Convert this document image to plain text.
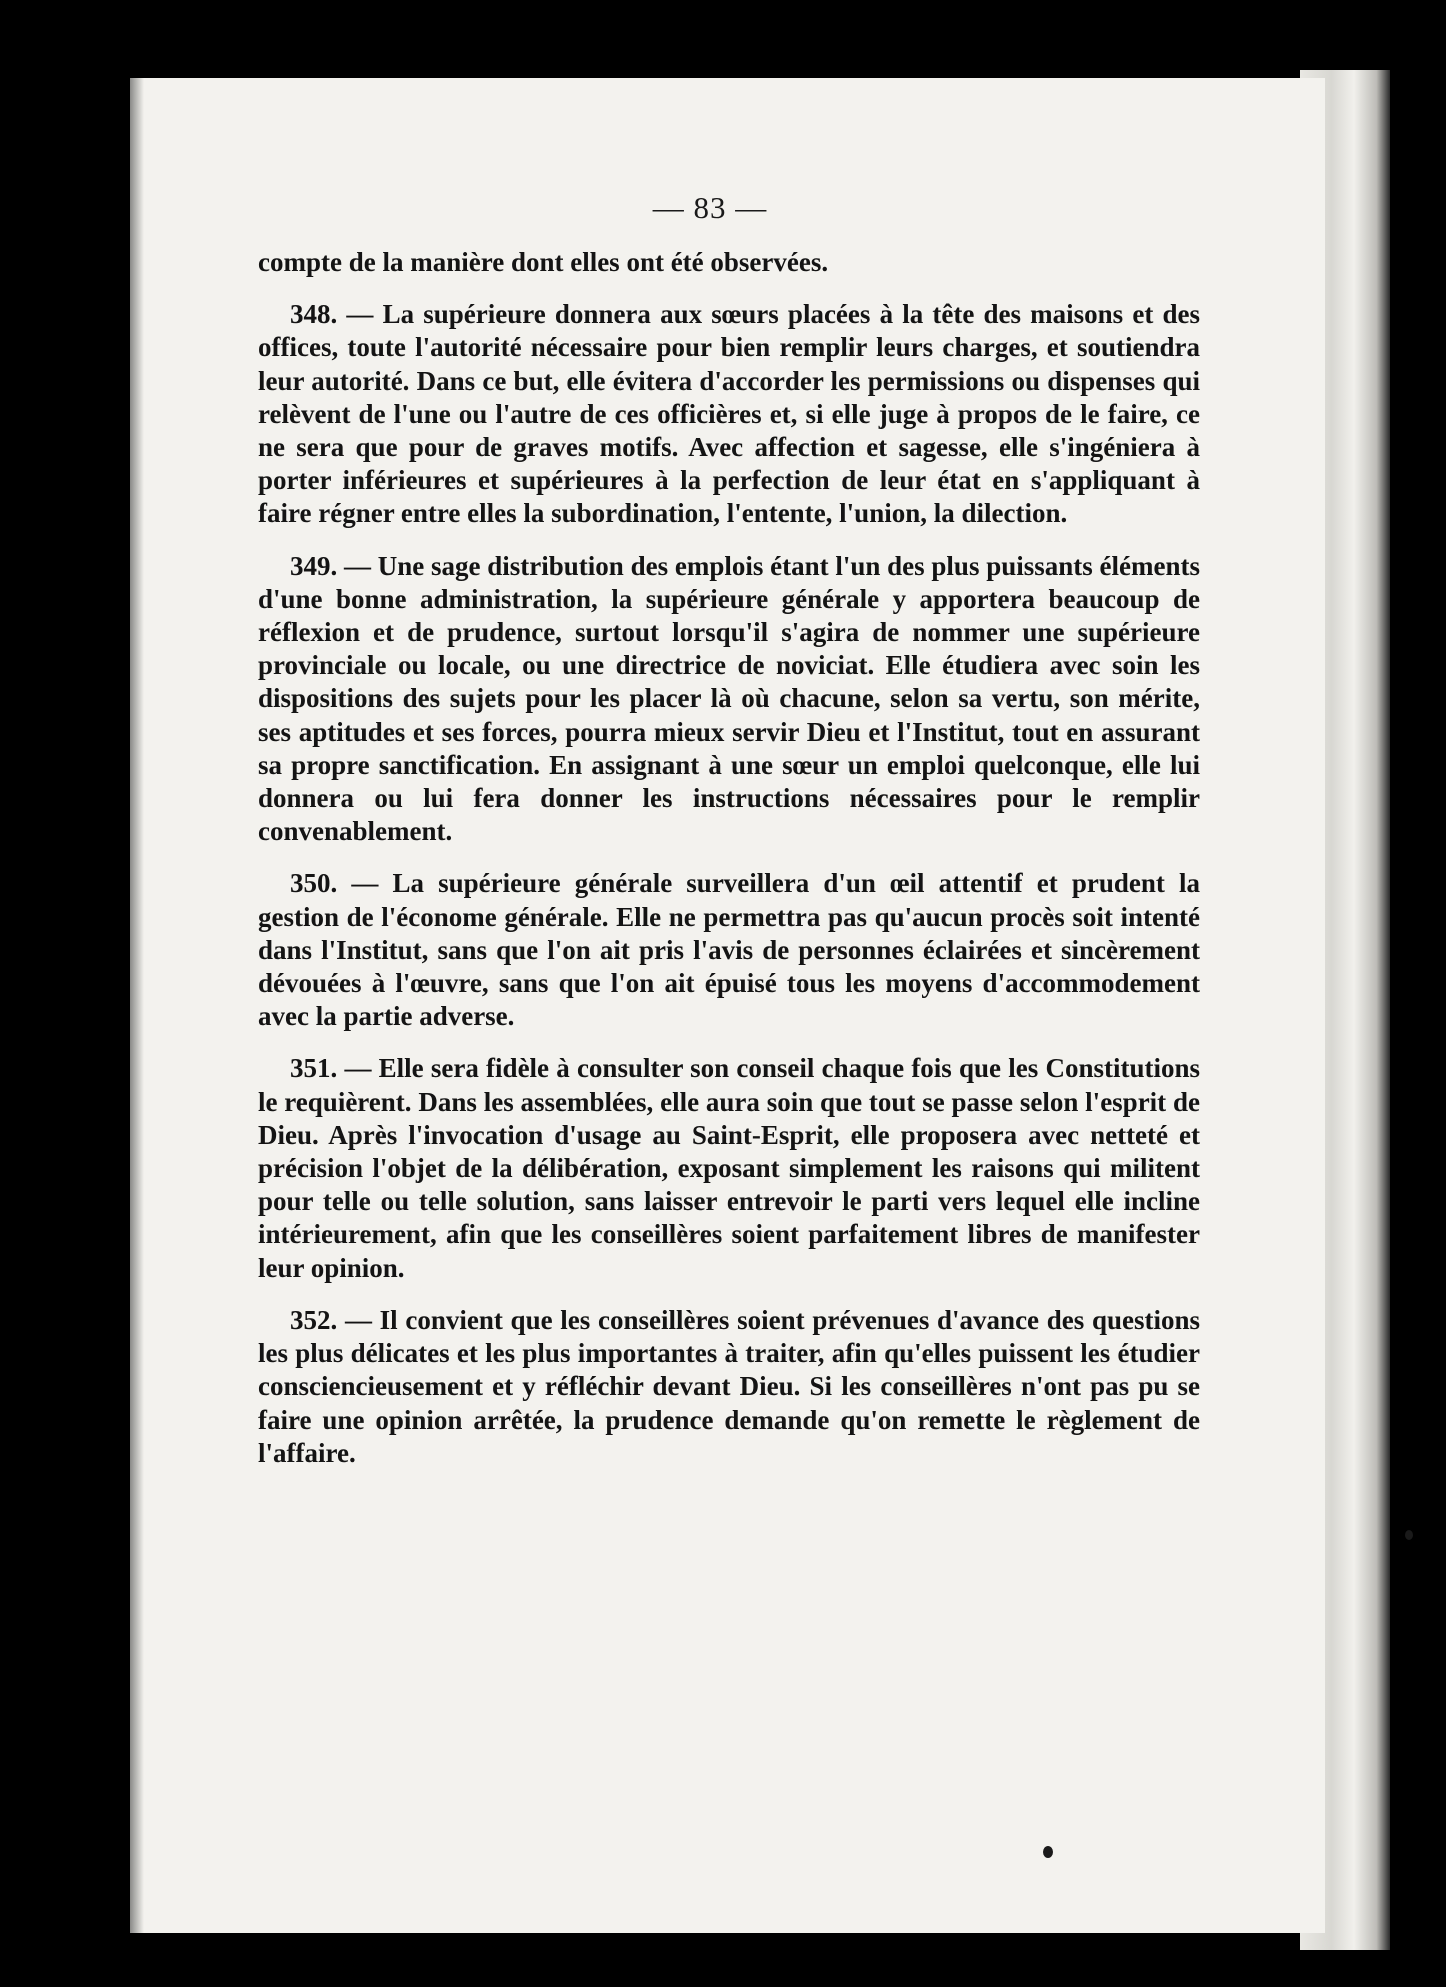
— 83 —

compte de la manière dont elles ont été observées.

348. — La supérieure donnera aux sœurs placées à la tête des maisons et des offices, toute l'autorité nécessaire pour bien remplir leurs charges, et soutiendra leur autorité. Dans ce but, elle évitera d'accorder les permissions ou dispenses qui relèvent de l'une ou l'autre de ces officières et, si elle juge à propos de le faire, ce ne sera que pour de graves motifs. Avec affection et sagesse, elle s'ingéniera à porter inférieures et supérieures à la perfection de leur état en s'appliquant à faire régner entre elles la subordination, l'entente, l'union, la dilection.

349. — Une sage distribution des emplois étant l'un des plus puissants éléments d'une bonne administration, la supérieure générale y apportera beaucoup de réflexion et de prudence, surtout lorsqu'il s'agira de nommer une supérieure provinciale ou locale, ou une directrice de noviciat. Elle étudiera avec soin les dispositions des sujets pour les placer là où chacune, selon sa vertu, son mérite, ses aptitudes et ses forces, pourra mieux servir Dieu et l'Institut, tout en assurant sa propre sanctification. En assignant à une sœur un emploi quelconque, elle lui donnera ou lui fera donner les instructions nécessaires pour le remplir convenablement.

350. — La supérieure générale surveillera d'un œil attentif et prudent la gestion de l'économe générale. Elle ne permettra pas qu'aucun procès soit intenté dans l'Institut, sans que l'on ait pris l'avis de personnes éclairées et sincèrement dévouées à l'œuvre, sans que l'on ait épuisé tous les moyens d'accommodement avec la partie adverse.

351. — Elle sera fidèle à consulter son conseil chaque fois que les Constitutions le requièrent. Dans les assemblées, elle aura soin que tout se passe selon l'esprit de Dieu. Après l'invocation d'usage au Saint-Esprit, elle proposera avec netteté et précision l'objet de la délibération, exposant simplement les raisons qui militent pour telle ou telle solution, sans laisser entrevoir le parti vers lequel elle incline intérieurement, afin que les conseillères soient parfaitement libres de manifester leur opinion.

352. — Il convient que les conseillères soient prévenues d'avance des questions les plus délicates et les plus importantes à traiter, afin qu'elles puissent les étudier consciencieusement et y réfléchir devant Dieu. Si les conseillères n'ont pas pu se faire une opinion arrêtée, la prudence demande qu'on remette le règlement de l'affaire.
